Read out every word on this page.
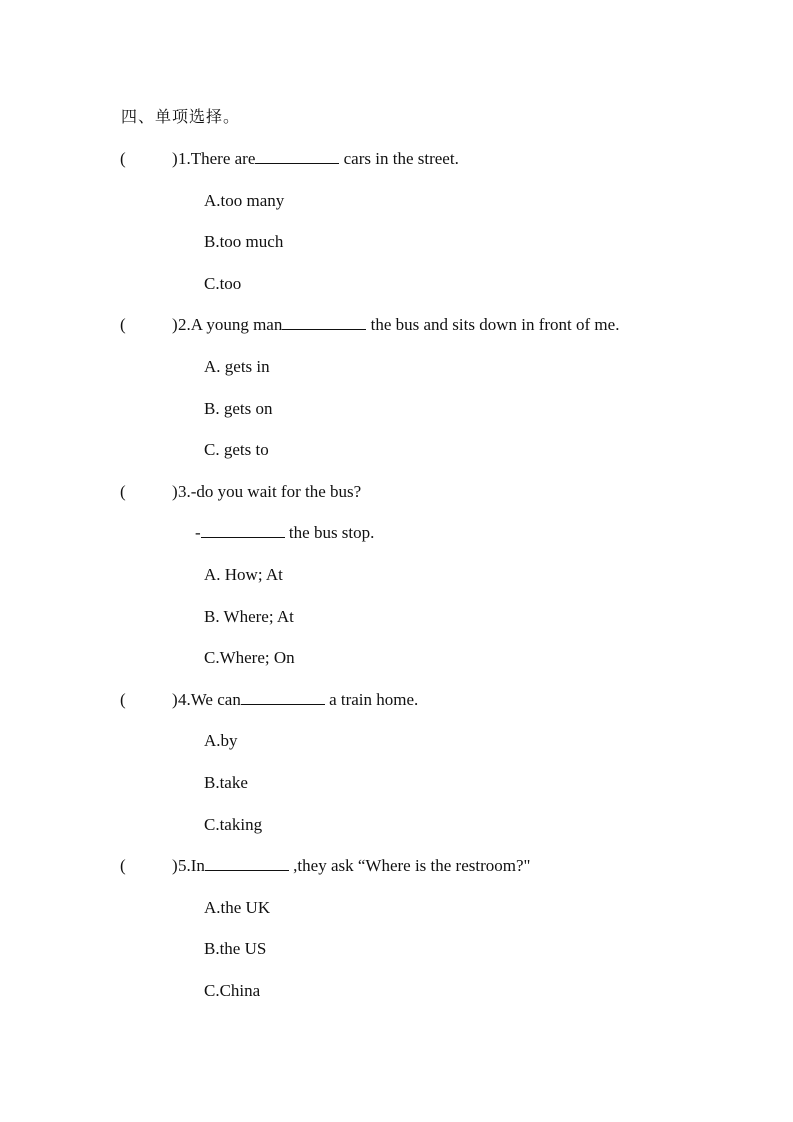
四、单项选择。
(	) 1.There are	cars in the street.
A.too many
B.too much
C.too
(	) 2.A young man	the bus and sits down in front of me.
A. gets in
B. gets on
C. gets to
(	) 3.-do you wait for the bus?
-	the bus stop.
A. How; At
B. Where; At
C.Where; On
(	) 4.We can	a train home.
A.by
B.take
C.taking
(	) 5.In	,they ask “Where is the restroom?"
A.the UK
B.the US
C.China
